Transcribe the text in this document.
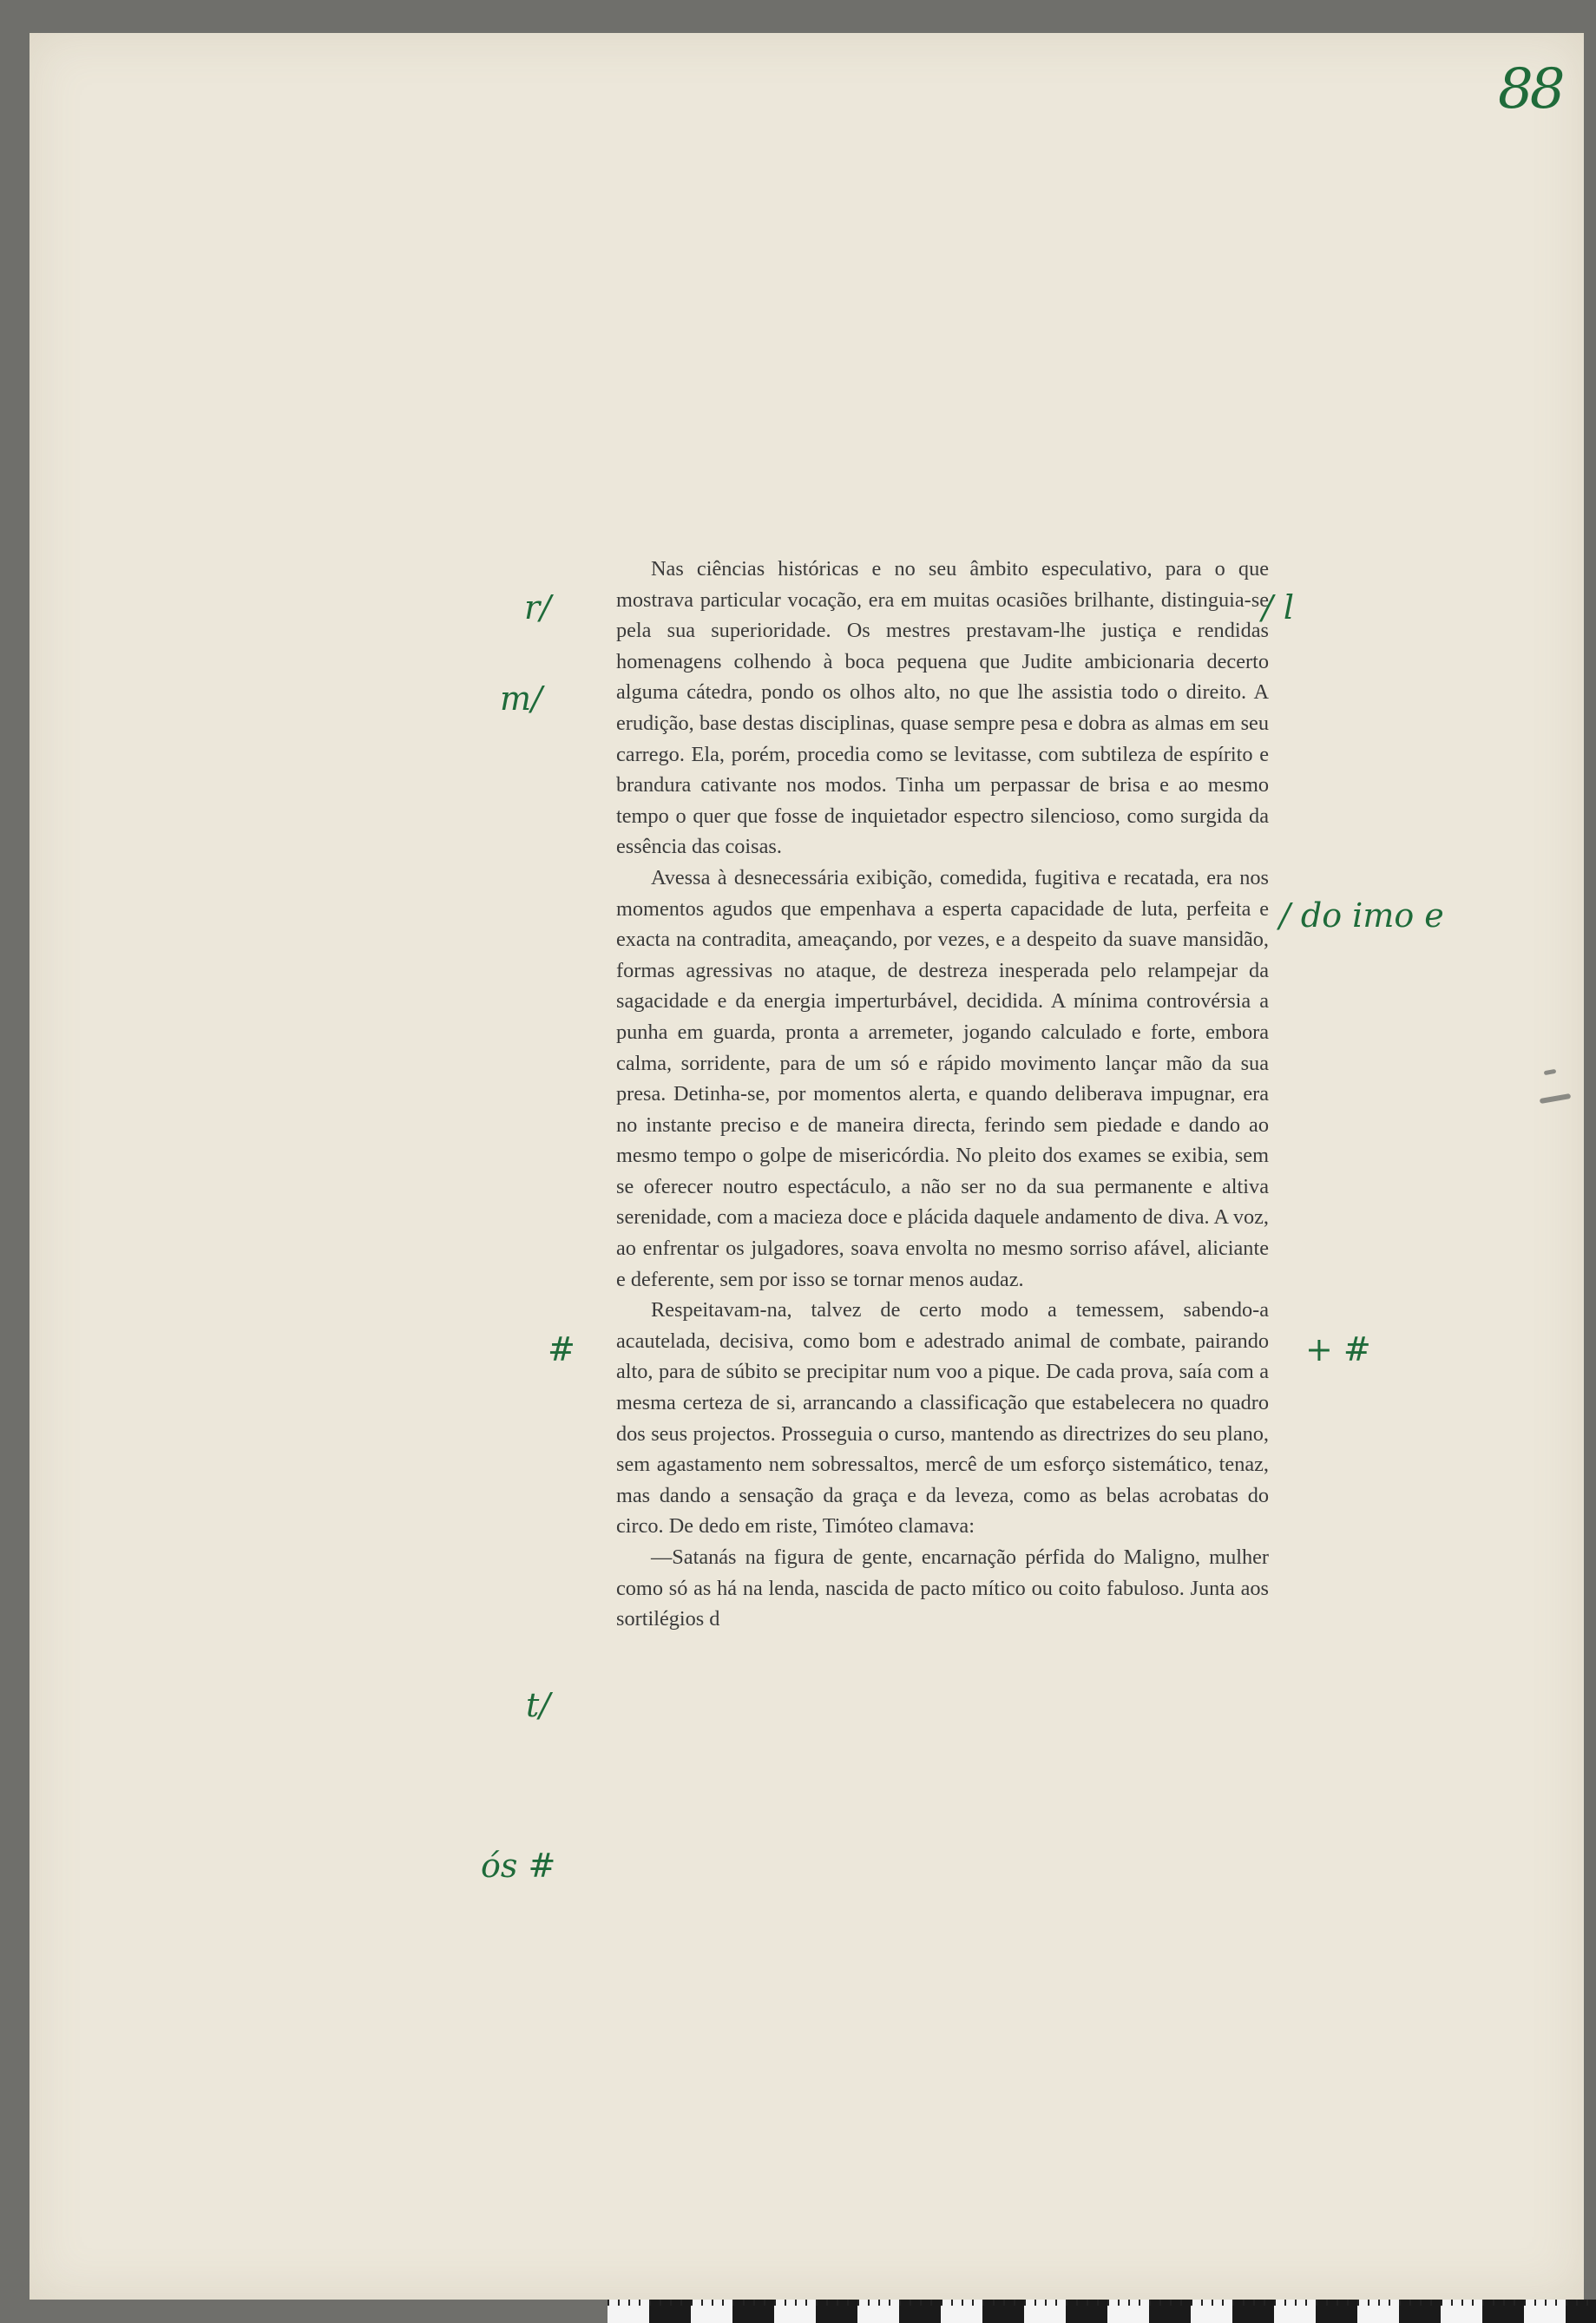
88

Nas ciências históricas e no seu âmbito especulativo, para o que mostrava particular vocação, era em muitas ocasiões brilhante, distinguia-se pela sua superioridade. Os mestres prestavam-lhe justiça e rendidas homenagens colhendo à boca pequena que Judite ambicionaria decerto alguma cátedra, pondo os olhos alto, no que lhe assistia todo o direito. A erudição, base destas disciplinas, quase sempre pesa e dobra as almas em seu carrego. Ela, porém, procedia como se levitasse, com subtileza de espírito e brandura cativante nos modos. Tinha um perpassar de brisa e ao mesmo tempo o quer que fosse de inquietador espectro silencioso, como surgida da essência das coisas.

Avessa à desnecessária exibição, comedida, fugitiva e recatada, era nos momentos agudos que empenhava a esperta capacidade de luta, perfeita e exacta na contradita, ameaçando, por vezes, e a despeito da suave mansidão, formas agressivas no ataque, de destreza inesperada pelo relampejar da sagacidade e da energia imperturbável, decidida. A mínima controvérsia a punha em guarda, pronta a arremeter, jogando calculado e forte, embora calma, sorridente, para de um só e rápido movimento lançar mão da sua presa. Detinha-se, por momentos alerta, e quando deliberava impugnar, era no instante preciso e de maneira directa, ferindo sem piedade e dando ao mesmo tempo o golpe de misericórdia. No pleito dos exames se exibia, sem se oferecer noutro espectáculo, a não ser no da sua permanente e altiva serenidade, com a macieza doce e plácida daquele andamento de diva. A voz, ao enfrentar os julgadores, soava envolta no mesmo sorriso afável, aliciante e deferente, sem por isso se tornar menos audaz.

Respeitavam-na, talvez de certo modo a temessem, sabendo-a acautelada, decisiva, como bom e adestrado animal de combate, pairando alto, para de súbito se precipitar num voo a pique. De cada prova, saía com a mesma certeza de si, arrancando a classificação que estabelecera no quadro dos seus projectos. Prosseguia o curso, mantendo as directrizes do seu plano, sem agastamento nem sobressaltos, mercê de um esforço sistemático, tenaz, mas dando a sensação da graça e da leveza, como as belas acrobatas do circo. De dedo em riste, Timóteo clamava:

—Satanás na figura de gente, encarnação pérfida do Maligno, mulher como só as há na lenda, nascida de pacto mítico ou coito fabuloso. Junta aos sortilégios d

r/
m/
#
t/
ós #
/ l
/ do imo e
+ #
